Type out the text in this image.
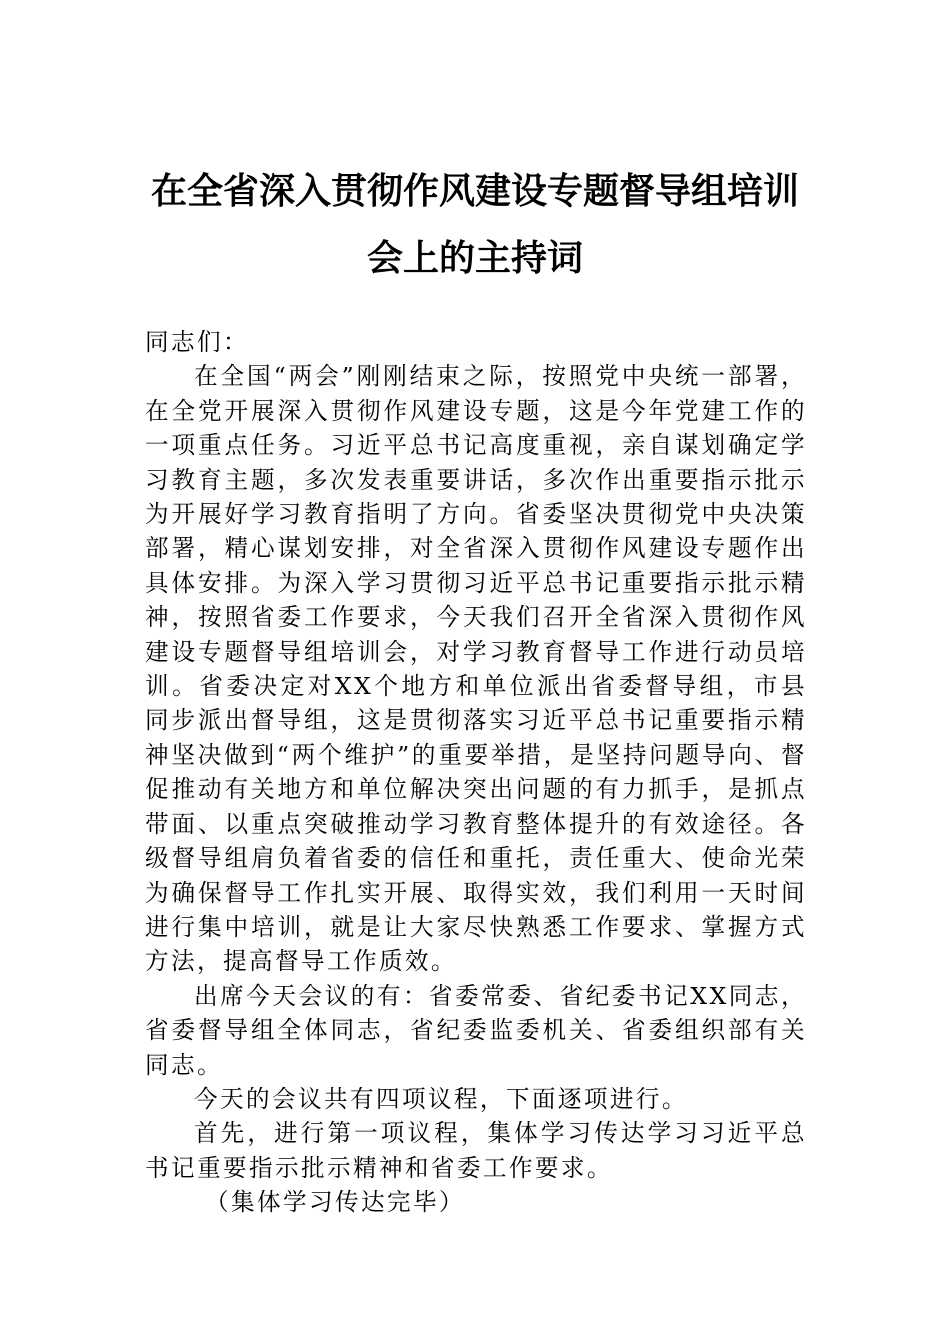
在全省深入贯彻作风建设专题督导组培训
会上的主持词

同志们：

在全国“两会”刚刚结束之际，按照党中央统一部署，在全党开展深入贯彻作风建设专题，这是今年党建工作的一项重点任务。习近平总书记高度重视，亲自谋划确定学习教育主题，多次发表重要讲话，多次作出重要指示批示为开展好学习教育指明了方向。省委坚决贯彻党中央决策部署，精心谋划安排，对全省深入贯彻作风建设专题作出具体安排。为深入学习贯彻习近平总书记重要指示批示精神，按照省委工作要求，今天我们召开全省深入贯彻作风建设专题督导组培训会，对学习教育督导工作进行动员培训。省委决定对XX个地方和单位派出省委督导组，市县同步派出督导组，这是贯彻落实习近平总书记重要指示精神坚决做到“两个维护”的重要举措，是坚持问题导向、督促推动有关地方和单位解决突出问题的有力抓手，是抓点带面、以重点突破推动学习教育整体提升的有效途径。各级督导组肩负着省委的信任和重托，责任重大、使命光荣为确保督导工作扎实开展、取得实效，我们利用一天时间进行集中培训，就是让大家尽快熟悉工作要求、掌握方式方法，提高督导工作质效。

出席今天会议的有：省委常委、省纪委书记XX同志，省委督导组全体同志，省纪委监委机关、省委组织部有关同志。

今天的会议共有四项议程，下面逐项进行。

首先，进行第一项议程，集体学习传达学习习近平总书记重要指示批示精神和省委工作要求。

（集体学习传达完毕）
